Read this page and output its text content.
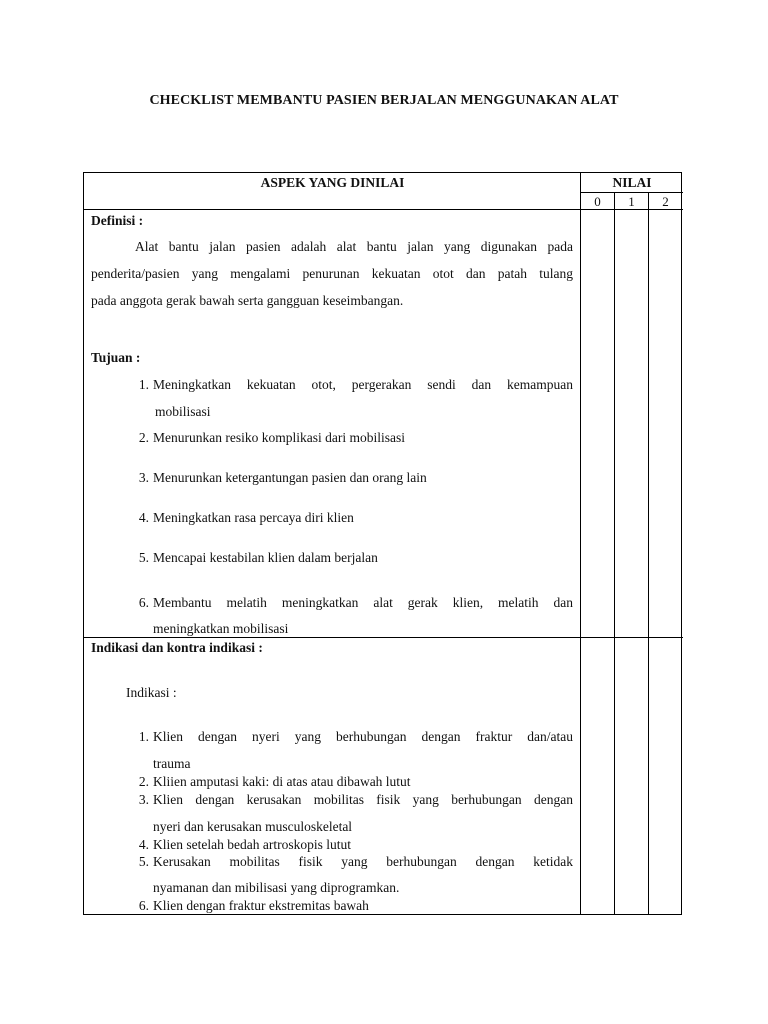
CHECKLIST MEMBANTU PASIEN BERJALAN MENGGUNAKAN ALAT
ASPEK YANG DINILAI	NILAI
0	1	2
Definisi :
Alat bantu jalan pasien adalah alat bantu jalan yang digunakan pada
penderita/pasien yang mengalami penurunan kekuatan otot dan patah tulang
pada anggota gerak bawah serta gangguan keseimbangan.
Tujuan :
1. Meningkatkan kekuatan otot, pergerakan sendi dan kemampuan
mobilisasi
2. Menurunkan resiko komplikasi dari mobilisasi
3. Menurunkan ketergantungan pasien dan orang lain
4. Meningkatkan rasa percaya diri klien
5. Mencapai kestabilan klien dalam berjalan
6. Membantu melatih meningkatkan alat gerak klien, melatih dan
meningkatkan mobilisasi
Indikasi dan kontra indikasi :
Indikasi :
1. Klien dengan nyeri yang berhubungan dengan fraktur dan/atau
trauma
2. Kliien amputasi kaki: di atas atau dibawah lutut
3. Klien dengan kerusakan mobilitas fisik yang berhubungan dengan
nyeri dan kerusakan musculoskeletal
4. Klien setelah bedah artroskopis lutut
5. Kerusakan mobilitas fisik yang berhubungan dengan ketidak
nyamanan dan mibilisasi yang diprogramkan.
6. Klien dengan fraktur ekstremitas bawah
